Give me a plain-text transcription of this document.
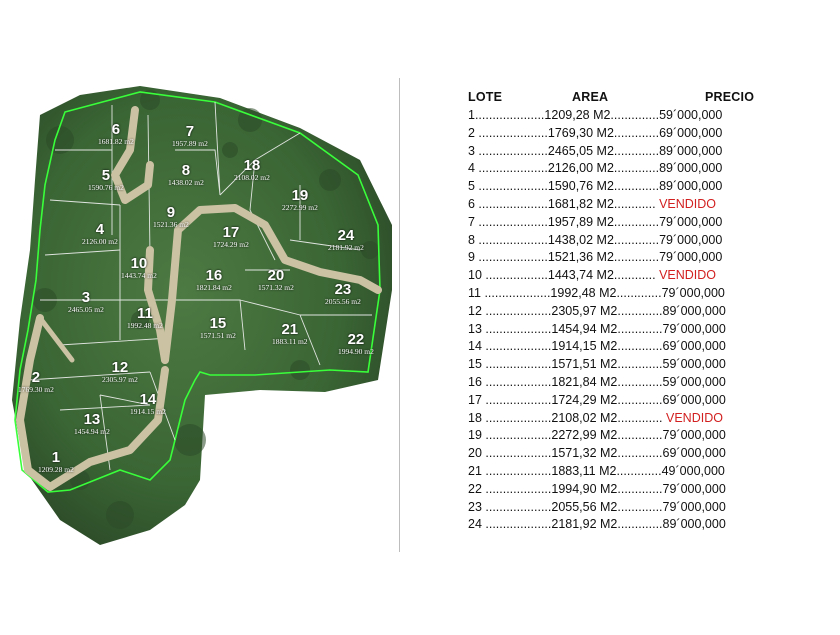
1
1209.28 m2
2
1769.30 m2
3
2465.05 m2
4
2126.00 m2
5
1590.76 m2
6
1681.82 m2
7
1957.89 m2
8
1438.02 m2
9
1521.36 m2
10
1443.74 m2
11
1992.48 m2
12
2305.97 m2
13
1454.94 m2
14
1914.15 m2
15
1571.51 m2
16
1821.84 m2
17
1724.29 m2
18
2108.02 m2
19
2272.99 m2
20
1571.32 m2
21
1883.11 m2	22
1994.90 m2
23
2055.56 m2
24
2181.92 m2
LOTE	AREA	PRECIO
1....................1209,28 M2..............59´000,000
2 ....................1769,30 M2.............69´000,000
3 ....................2465,05 M2.............89´000,000
4 ....................2126,00 M2.............89´000,000
5 ....................1590,76 M2.............89´000,000
6 ....................1681,82 M2............ VENDIDO
7 ....................1957,89 M2.............79´000,000
8 ....................1438,02 M2.............79´000,000
9 ....................1521,36 M2.............79´000,000
10 ..................1443,74 M2............ VENDIDO
11 ...................1992,48 M2.............79´000,000
12 ...................2305,97 M2.............89´000,000
13 ...................1454,94 M2.............79´000,000
14 ...................1914,15 M2.............69´000,000
15 ...................1571,51 M2.............59´000,000
16 ...................1821,84 M2.............59´000,000
17 ...................1724,29 M2.............69´000,000
18 ...................2108,02 M2............. VENDIDO
19 ...................2272,99 M2.............79´000,000
20 ...................1571,32 M2.............69´000,000
21 ...................1883,11 M2.............49´000,000
22 ...................1994,90 M2.............79´000,000
23 ...................2055,56 M2.............79´000,000
24 ...................2181,92 M2.............89´000,000
